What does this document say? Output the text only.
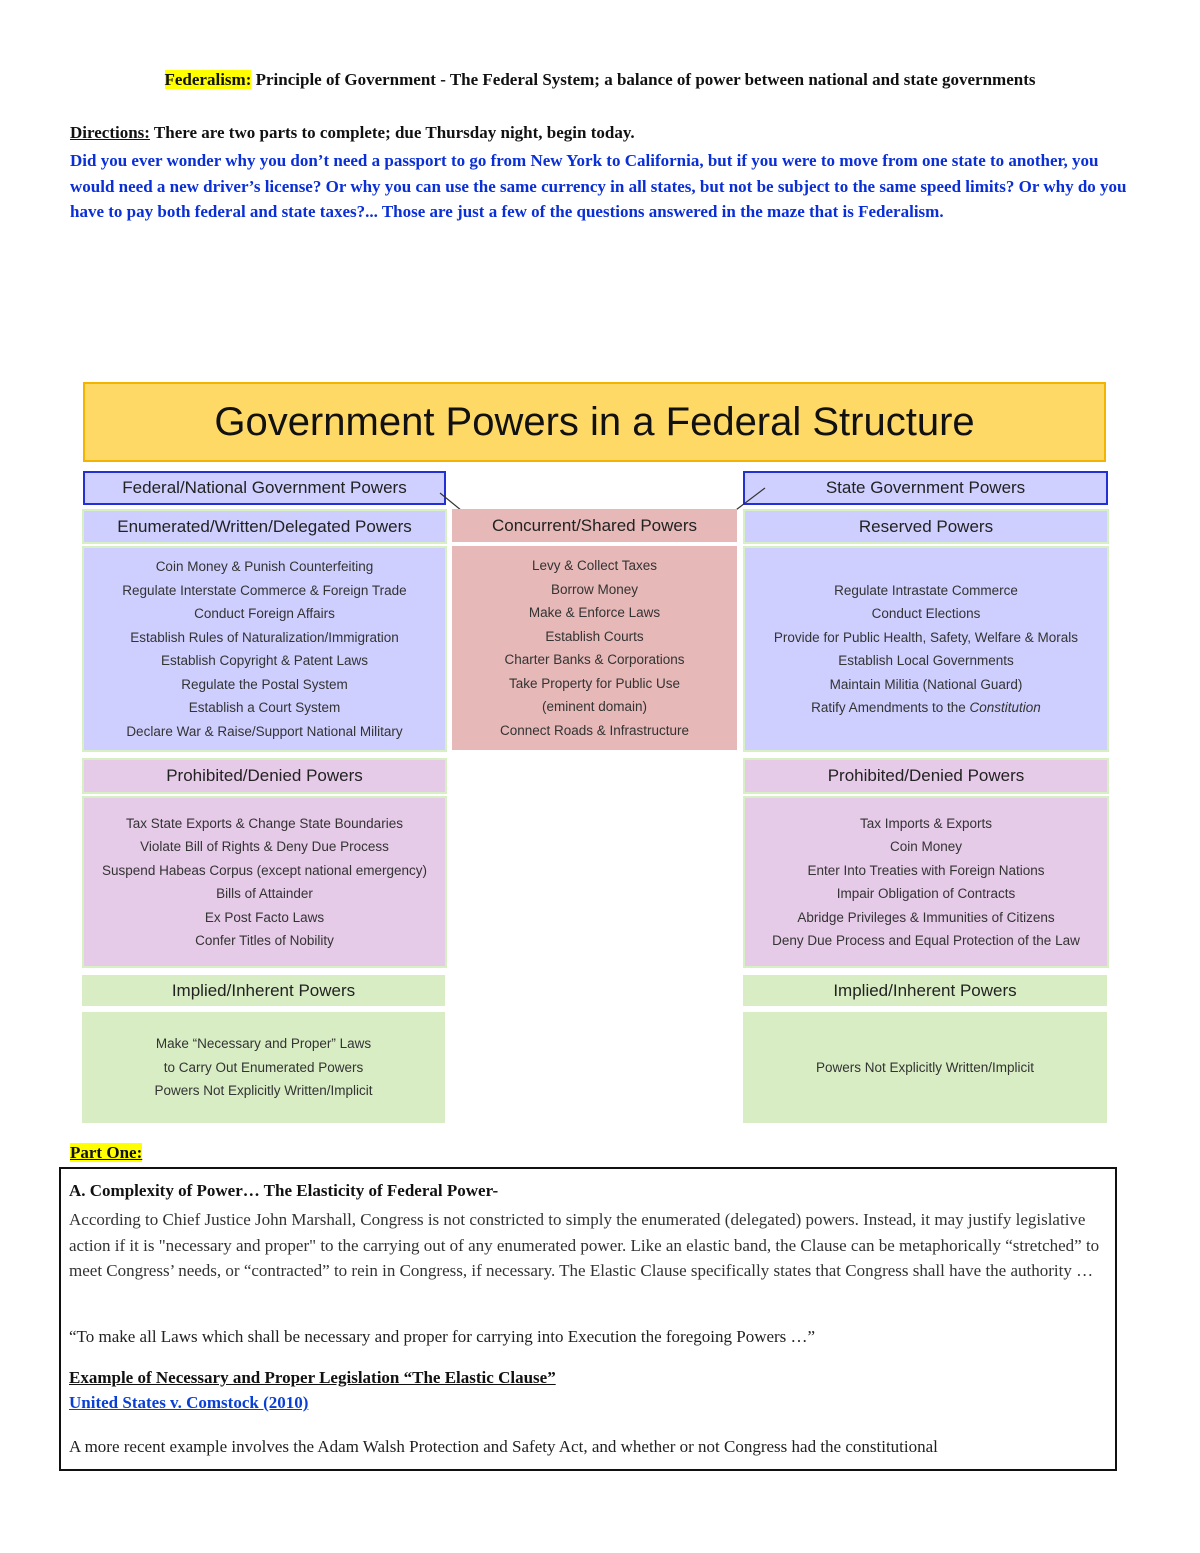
Federalism: Principle of Government - The Federal System; a balance of power between national and state governments
Directions: There are two parts to complete; due Thursday night, begin today.
Did you ever wonder why you don’t need a passport to go from New York to California, but if you were to move from one state to another, you would need a new driver’s license? Or why you can use the same currency in all states, but not be subject to the same speed limits? Or why do you have to pay both federal and state taxes?... Those are just a few of the questions answered in the maze that is Federalism.
Government Powers in a Federal Structure
Federal/National Government Powers	State Government Powers
Enumerated/Written/Delegated Powers	Concurrent/Shared Powers	Reserved Powers
Coin Money & Punish Counterfeiting
Regulate Interstate Commerce & Foreign Trade
Conduct Foreign Affairs
Establish Rules of Naturalization/Immigration
Establish Copyright & Patent Laws
Regulate the Postal System
Establish a Court System
Declare War & Raise/Support National Military
Levy & Collect Taxes
Borrow Money
Make & Enforce Laws
Establish Courts
Charter Banks & Corporations
Take Property for Public Use
(eminent domain)
Connect Roads & Infrastructure
Regulate Intrastate Commerce
Conduct Elections
Provide for Public Health, Safety, Welfare & Morals
Establish Local Governments
Maintain Militia (National Guard)
Ratify Amendments to the Constitution
Prohibited/Denied Powers	Prohibited/Denied Powers
Tax State Exports & Change State Boundaries
Violate Bill of Rights & Deny Due Process
Suspend Habeas Corpus (except national emergency)
Bills of Attainder
Ex Post Facto Laws
Confer Titles of Nobility
Tax Imports & Exports
Coin Money
Enter Into Treaties with Foreign Nations
Impair Obligation of Contracts
Abridge Privileges & Immunities of Citizens
Deny Due Process and Equal Protection of the Law
Implied/Inherent Powers	Implied/Inherent Powers
Make “Necessary and Proper” Laws
to Carry Out Enumerated Powers
Powers Not Explicitly Written/Implicit
Powers Not Explicitly Written/Implicit
Part One:
A. Complexity of Power… The Elasticity of Federal Power-
According to Chief Justice John Marshall, Congress is not constricted to simply the enumerated (delegated) powers. Instead, it may justify legislative action if it is "necessary and proper" to the carrying out of any enumerated power. Like an elastic band, the Clause can be metaphorically “stretched” to meet Congress’ needs, or “contracted” to rein in Congress, if necessary. The Elastic Clause specifically states that Congress shall have the authority …
“To make all Laws which shall be necessary and proper for carrying into Execution the foregoing Powers …”
Example of Necessary and Proper Legislation “The Elastic Clause”
United States v. Comstock (2010)
A more recent example involves the Adam Walsh Protection and Safety Act, and whether or not Congress had the constitutional
